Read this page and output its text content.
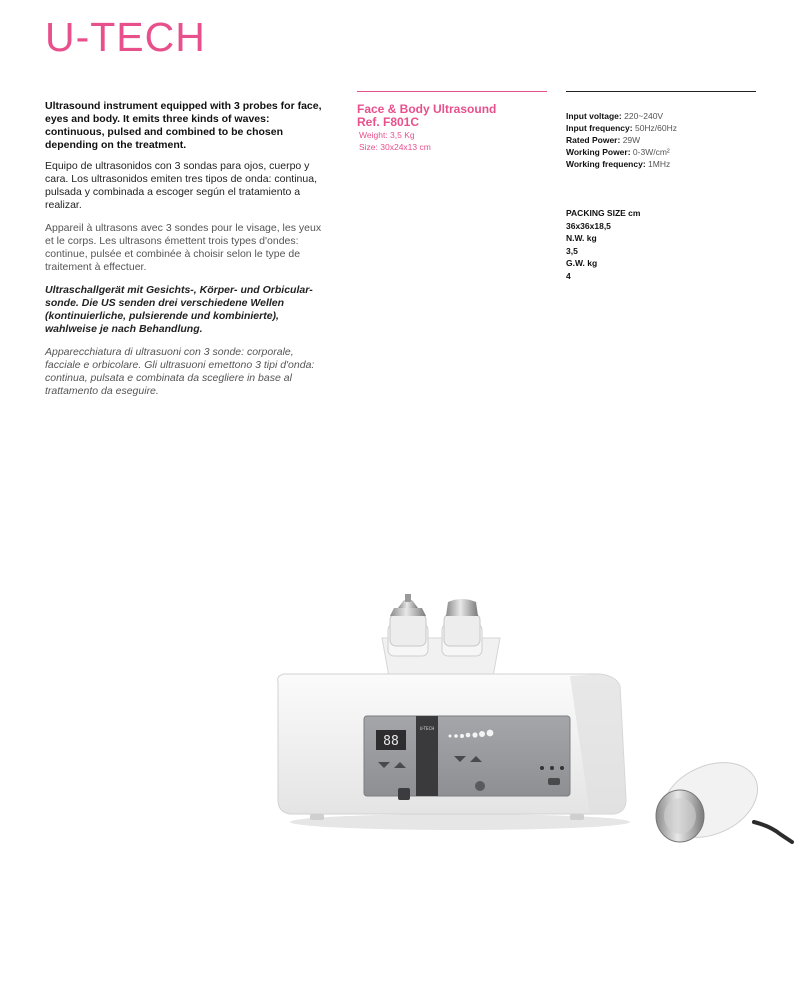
U-TECH

Ultrasound instrument equipped with 3 probes for face, eyes and body. It emits three kinds of waves: continuous, pulsed and combined to be chosen depending on the treatment.

Equipo de ultrasonidos con 3 sondas para ojos, cuerpo y cara. Los ultrasonidos emiten tres tipos de onda: continua, pulsada y combinada a escoger según el tratamiento a realizar.

Appareil à ultrasons avec 3 sondes pour le visage, les yeux et le corps. Les ultrasons émettent trois types d'ondes: continue, pulsée et combinée à choisir selon le type de traitement à effectuer.

Ultraschallgerät mit Gesichts-, Körper- und Orbicular-sonde. Die US senden drei verschiedene Wellen (kontinuierliche, pulsierende und kombinierte), wahlweise je nach Behandlung.

Apparecchiatura di ultrasuoni con 3 sonde: corporale, facciale e orbicolare. Gli ultrasuoni emettono 3 tipi d'onda: continua, pulsata e combinata da scegliere in base al trattamento da eseguire.

Face & Body Ultrasound
Ref. F801C
Weight: 3,5 Kg
Size: 30x24x13 cm
Input voltage: 220~240V
Input frequency: 50Hz/60Hz
Rated Power: 29W
Working Power: 0-3W/cm²
Working frequency: 1MHz
PACKING SIZE cm
36x36x18,5
N.W. kg
3,5
G.W. kg
4
88
U-TECH
